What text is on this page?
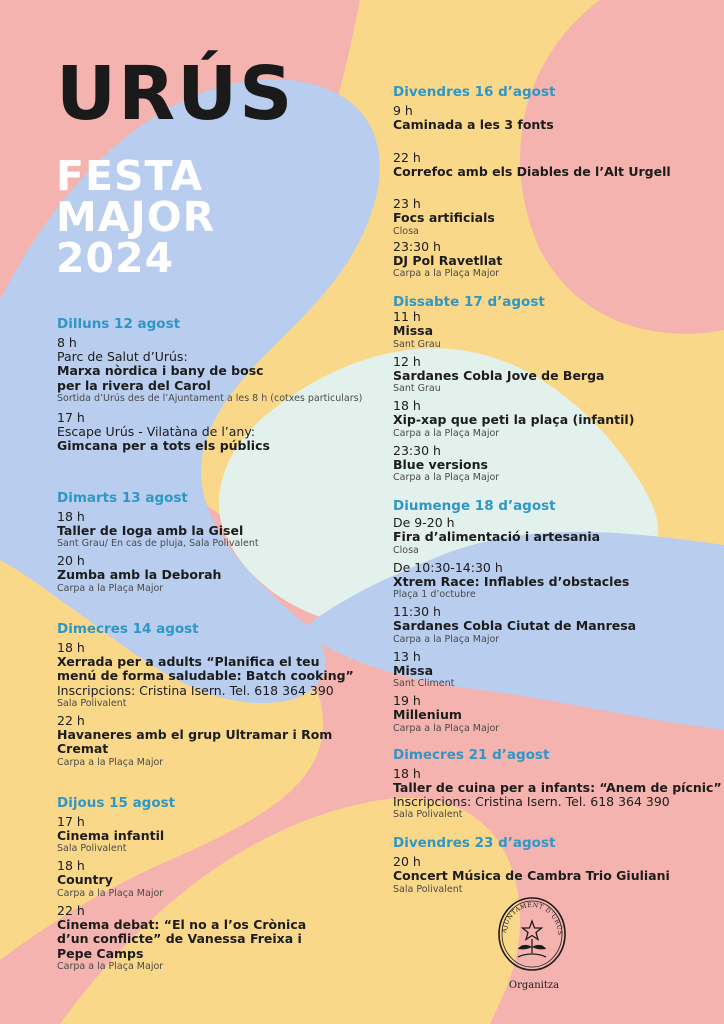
URÚS
FESTA
MAJOR
2024
Dilluns 12 agost
8 h
Parc de Salut d’Urús:
Marxa nòrdica i bany de bosc per la rivera del Carol
Sortida d’Urús des de l’Ajuntament a les 8 h (cotxes particulars)
17 h
Escape Urús - Vilatàna de l’any:
Gimcana per a tots els públics
Dimarts 13 agost
18 h
Taller de Ioga amb la Gisel
Sant Grau/ En cas de pluja, Sala Polivalent
20 h
Zumba amb la Deborah
Carpa a la Plaça Major
Dimecres 14 agost
18 h
Xerrada per a adults “Planifica el teu menú de forma saludable: Batch cooking”
Inscripcions: Cristina Isern. Tel. 618 364 390
Sala Polivalent
22 h
Havaneres amb el grup Ultramar i Rom Cremat
Carpa a la Plaça Major
Dijous 15 agost
17 h
Cinema infantil
Sala Polivalent
18 h
Country
Carpa a la Plaça Major
22 h
Cinema debat: “El no a l’os Crònica d’un conflicte” de Vanessa Freixa i Pepe Camps
Carpa a la Plaça Major
Divendres 16 d’agost
9 h
Caminada a les 3 fonts
22 h
Correfoc amb els Diables de l’Alt Urgell
23 h
Focs artificials
Closa
23:30 h
DJ Pol Ravetllat
Carpa a la Plaça Major
Dissabte 17 d’agost
11 h
Missa
Sant Grau
12 h
Sardanes Cobla Jove de Berga
Sant Grau
18 h
Xip-xap que peti la plaça (infantil)
Carpa a la Plaça Major
23:30 h
Blue versions
Carpa a la Plaça Major
Diumenge 18 d’agost
De 9-20 h
Fira d’alimentació i artesania
Closa
De 10:30-14:30 h
Xtrem Race: Inflables d’obstacles
Plaça 1 d’octubre
11:30 h
Sardanes Cobla Ciutat de Manresa
Carpa a la Plaça Major
13 h
Missa
Sant Climent
19 h
Millenium
Carpa a la Plaça Major
Dimecres 21 d’agost
18 h
Taller de cuina per a infants: “Anem de pícnic”
Inscripcions: Cristina Isern. Tel. 618 364 390
Sala Polivalent
Divendres 23 d’agost
20 h
Concert Música de Cambra Trio Giuliani
Sala Polivalent
AJUNTAMENT D’URÚS
Organitza
